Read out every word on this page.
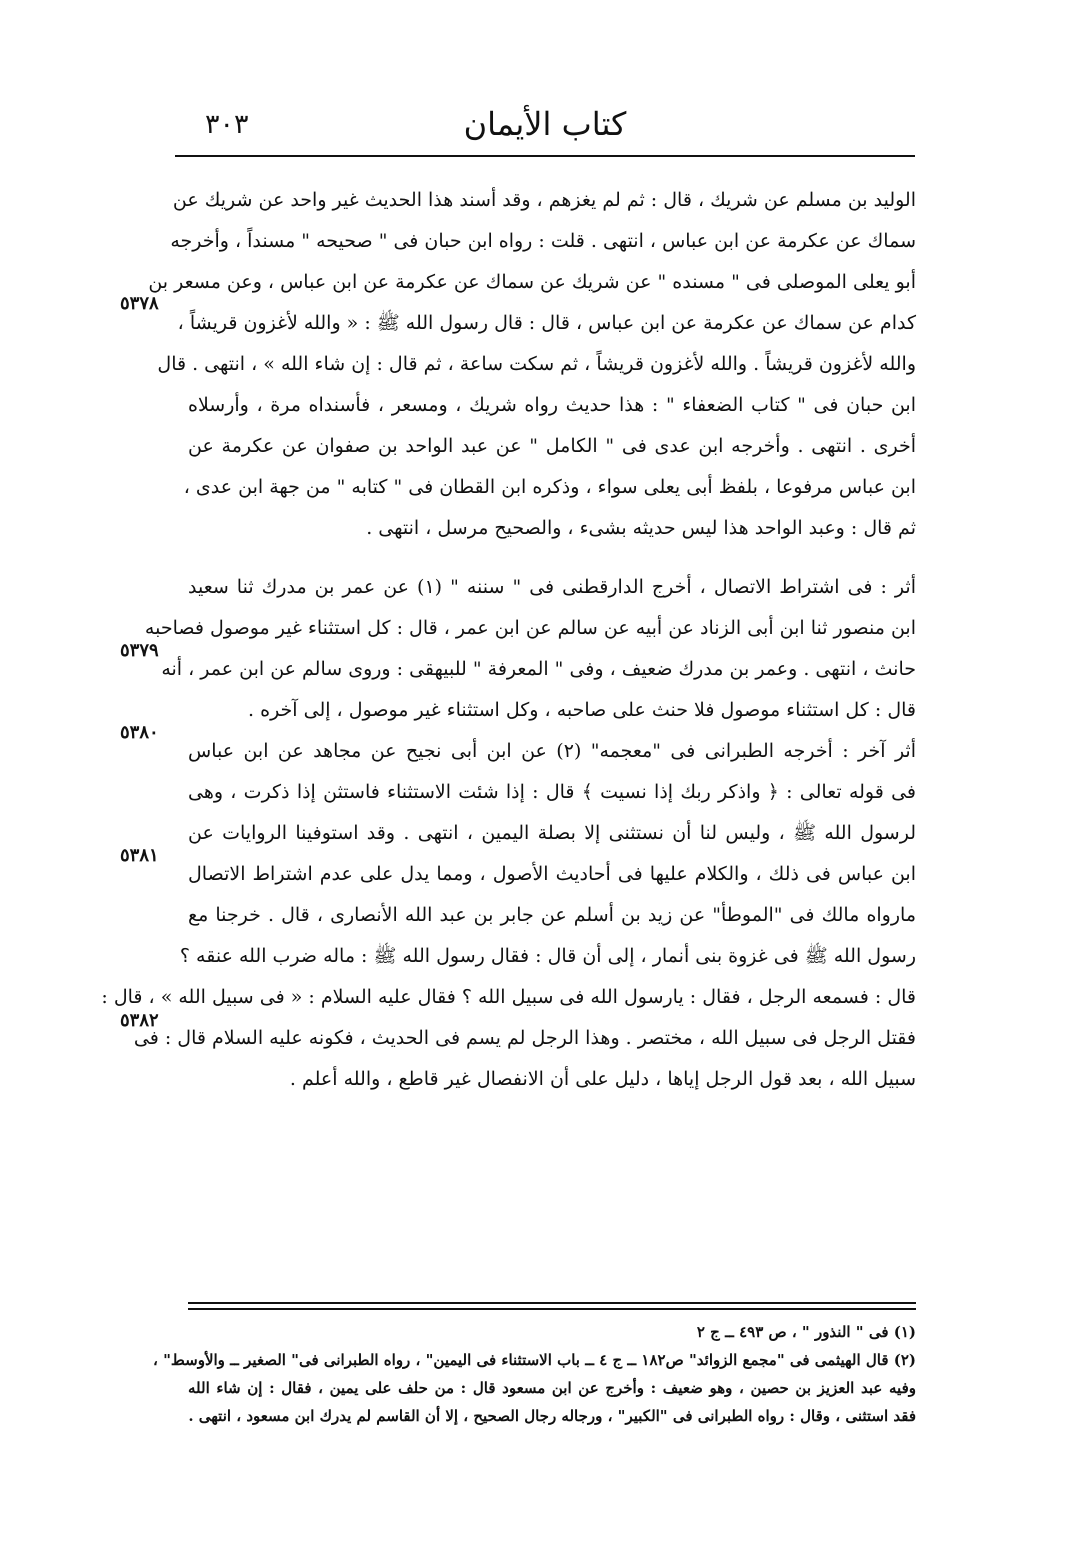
كتاب الأيمان
٣٠٣
٥٣٧٨
٥٣٧٩
٥٣٨٠
٥٣٨١
٥٣٨٢
الوليد بن مسلم عن شريك ، قال : ثم لم يغزهم ، وقد أسند هذا الحديث غير واحد عن شريك عن
سماك عن عكرمة عن ابن عباس ، انتهى . قلت : رواه ابن حبان فى " صحيحه " مسنداً ، وأخرجه
أبو يعلى الموصلى فى " مسنده " عن شريك عن سماك عن عكرمة عن ابن عباس ، وعن مسعر بن
كدام عن سماك عن عكرمة عن ابن عباس ، قال : قال رسول الله ﷺ : « والله لأغزون قريشاً ،
والله لأغزون قريشاً . والله لأغزون قريشاً ، ثم سكت ساعة ، ثم قال : إن شاء الله » ، انتهى . قال
ابن حبان فى " كتاب الضعفاء " : هذا حديث رواه شريك ، ومسعر ، فأسنداه مرة ، وأرسلاه
أخرى . انتهى . وأخرجه ابن عدى فى " الكامل " عن عبد الواحد بن صفوان عن عكرمة عن
ابن عباس مرفوعا ، بلفظ أبى يعلى سواء ، وذكره ابن القطان فى " كتابه " من جهة ابن عدى ،
ثم قال : وعبد الواحد هذا ليس حديثه بشىء ، والصحيح مرسل ، انتهى .
أثر : فى اشتراط الاتصال ، أخرج الدارقطنى فى " سننه " (١) عن عمر بن مدرك ثنا سعيد
ابن منصور ثنا ابن أبى الزناد عن أبيه عن سالم عن ابن عمر ، قال : كل استثناء غير موصول فصاحبه
حانث ، انتهى . وعمر بن مدرك ضعيف ، وفى " المعرفة " للبيهقى : وروى سالم عن ابن عمر ، أنه
قال : كل استثناء موصول فلا حنث على صاحبه ، وكل استثناء غير موصول ، إلى آخره .
أثر آخر : أخرجه الطبرانى فى "معجمه" (٢) عن ابن أبى نجيح عن مجاهد عن ابن عباس
فى قوله تعالى : ﴿ واذكر ربك إذا نسيت ﴾ قال : إذا شئت الاستثناء فاستثن إذا ذكرت ، وهى
لرسول الله ﷺ ، وليس لنا أن نستثنى إلا بصلة اليمين ، انتهى . وقد استوفينا الروايات عن
ابن عباس فى ذلك ، والكلام عليها فى أحاديث الأصول ، ومما يدل على عدم اشتراط الاتصال
مارواه مالك فى "الموطأ" عن زيد بن أسلم عن جابر بن عبد الله الأنصارى ، قال . خرجنا مع
رسول الله ﷺ فى غزوة بنى أنمار ، إلى أن قال : فقال رسول الله ﷺ : ماله ضرب الله عنقه ؟
قال : فسمعه الرجل ، فقال : يارسول الله فى سبيل الله ؟ فقال عليه السلام : « فى سبيل الله » ، قال :
فقتل الرجل فى سبيل الله ، مختصر . وهذا الرجل لم يسم فى الحديث ، فكونه عليه السلام قال : فى
سبيل الله ، بعد قول الرجل إياها ، دليل على أن الانفصال غير قاطع ، والله أعلم .
(١) فى " النذور " ، ص ٤٩٣ ــ ج ٢
(٢) قال الهيثمى فى "مجمع الزوائد" ص١٨٢ ــ ج ٤ ــ باب الاستثناء فى اليمين" ، رواه الطبرانى فى" الصغير ــ والأوسط" ،
وفيه عبد العزيز بن حصين ، وهو ضعيف : وأخرج عن ابن مسعود قال : من حلف على يمين ، فقال : إن شاء الله
فقد استثنى ، وقال : رواه الطبرانى فى "الكبير" ، ورجاله رجال الصحيح ، إلا أن القاسم لم يدرك ابن مسعود ، انتهى .
